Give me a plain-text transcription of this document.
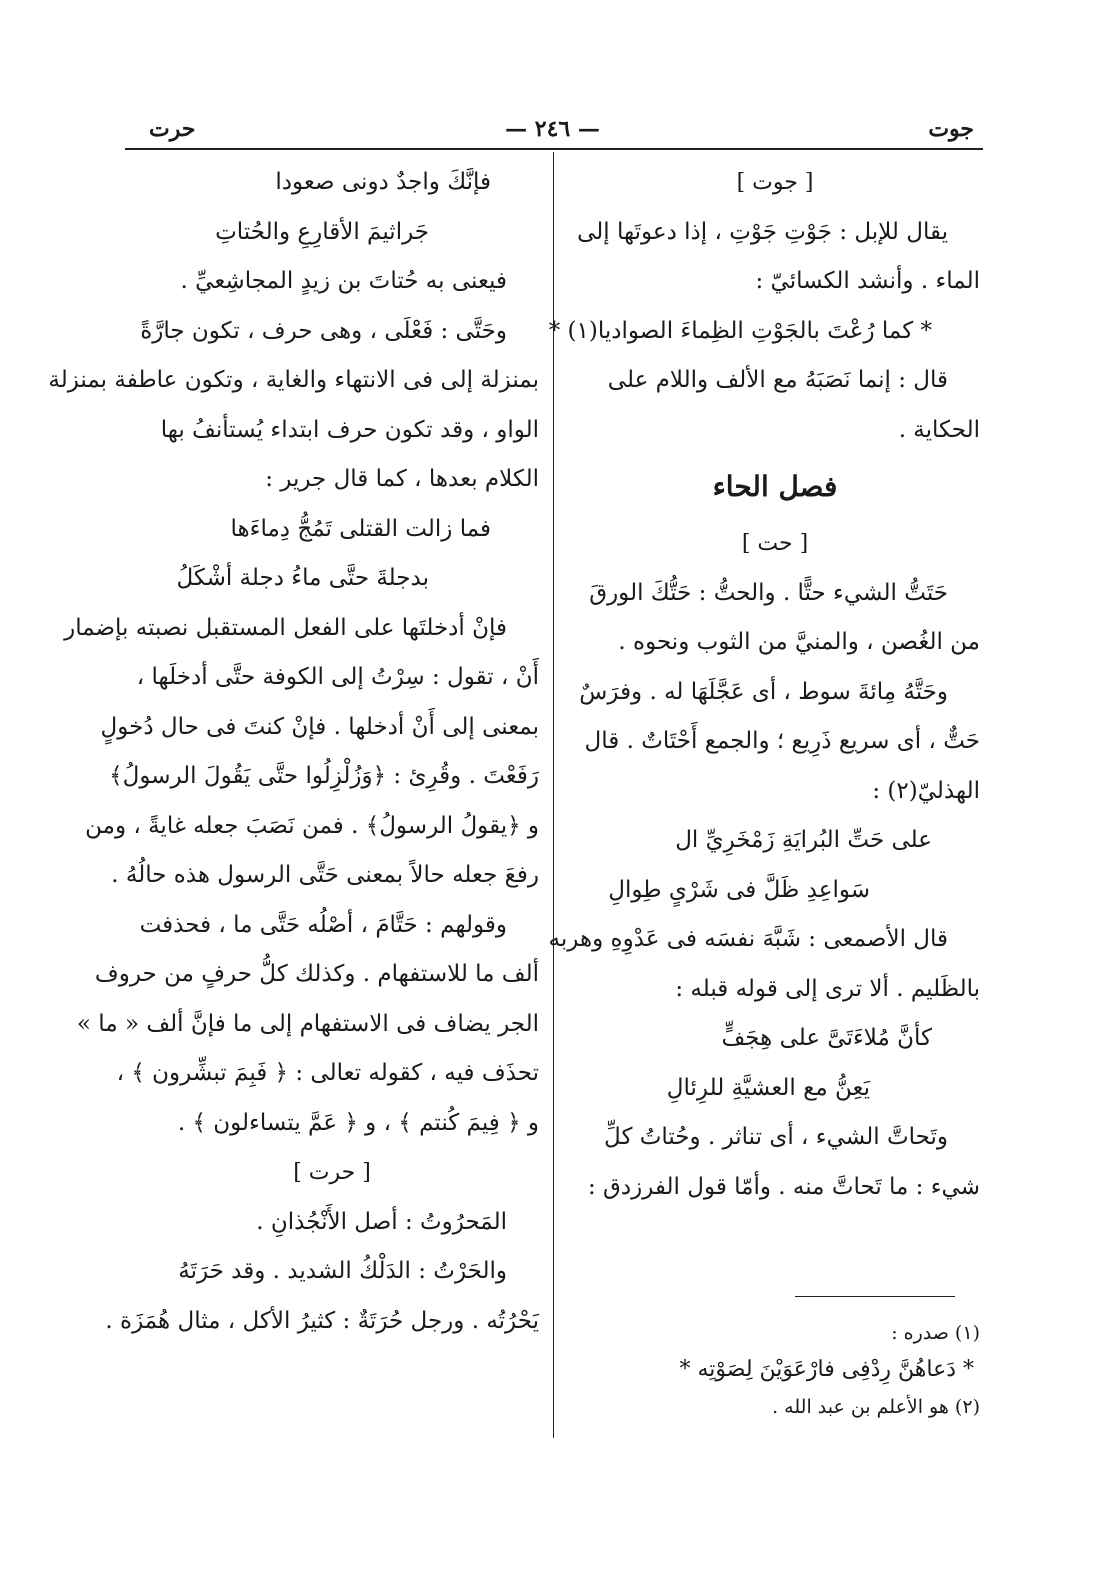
جوت
— ٢٤٦ —
حرت
[ جوت ]
يقال للإبل : جَوْتِ جَوْتِ ، إذا دعوتَها إلى
الماء . وأنشد الكسائيّ :
* كما رُعْتَ بالجَوْتِ الظِماءَ الصواديا(١) *
قال : إنما نَصَبَهُ مع الألف واللام على
الحكاية .
فصل الحاء
[ حت ]
حَتَتُّ الشيء حتًّا . والحتُّ : حَتُّكَ الورقَ
من الغُصن ، والمنيَّ من الثوب ونحوه .
وحَتَّهُ مِائةَ سوط ، أى عَجَّلَهَا له . وفرَسٌ
حَتٌّ ، أى سريع ذَرِيع ؛ والجمع أَحْتَاتٌ . قال
الهذليّ(٢) :
على حَتِّ البُرايَةِ زَمْخَرِيِّ ال
سَواعِدِ ظَلَّ فى شَرْىٍ طِوالِ
قال الأصمعى : شَبَّهَ نفسَه فى عَدْوِهِ وهربه
بالظَليم . ألا ترى إلى قوله قبله :
كأنَّ مُلاءَتَىَّ على هِجَفٍّ
يَعِنُّ مع العشيَّةِ للرِئالِ
وتَحاتَّ الشيء ، أى تناثر . وحُتاتُ كلِّ
شيء : ما تَحاتَّ منه . وأمّا قول الفرزدق :
فإنَّكَ واجدٌ دونى صعودا
جَراثيمَ الأقارِعِ والحُتاتِ
فيعنى به حُتاتَ بن زيدٍ المجاشِعيِّ .
وحَتَّى : فَعْلَى ، وهى حرف ، تكون جارَّةً
بمنزلة إلى فى الانتهاء والغاية ، وتكون عاطفة بمنزلة
الواو ، وقد تكون حرف ابتداء يُستأنفُ بها
الكلام بعدها ، كما قال جرير :
فما زالت القتلى تَمُجُّ دِماءَها
بدجلةَ حتَّى ماءُ دجلة أشْكَلُ
فإنْ أدخلتَها على الفعل المستقبل نصبته بإضمار
أَنْ ، تقول : سِرْتُ إلى الكوفة حتَّى أدخلَها ،
بمعنى إلى أَنْ أدخلها . فإنْ كنتَ فى حال دُخولٍ
رَفَعْتَ . وقُرِئ : ﴿وَزُلْزِلُوا حتَّى يَقُولَ الرسولُ﴾
و ﴿يقولُ الرسولُ﴾ . فمن نَصَبَ جعله غايةً ، ومن
رفعَ جعله حالاً بمعنى حَتَّى الرسول هذه حالُهُ .
وقولهم : حَتَّامَ ، أصْلُه حَتَّى ما ، فحذفت
ألف ما للاستفهام . وكذلك كلُّ حرفٍ من حروف
الجر يضاف فى الاستفهام إلى ما فإنَّ ألف « ما »
تحذَف فيه ، كقوله تعالى : ﴿ فَبِمَ تبشِّرون ﴾ ،
و ﴿ فِيمَ كُنتم ﴾ ، و ﴿ عَمَّ يتساءلون ﴾ .
[ حرت ]
المَحرُوتُ : أصل الأَنْجُذانِ .
والحَرْتُ : الدَلْكُ الشديد . وقد حَرَتَهُ
يَحْرُتُه . ورجل حُرَتَةٌ : كثيرُ الأكل ، مثال هُمَزَة .	(١) صدره :
* دَعاهُنَّ رِدْفِى فارْعَوَيْنَ لِصَوْتِه *
(٢) هو الأعلم بن عبد الله .
